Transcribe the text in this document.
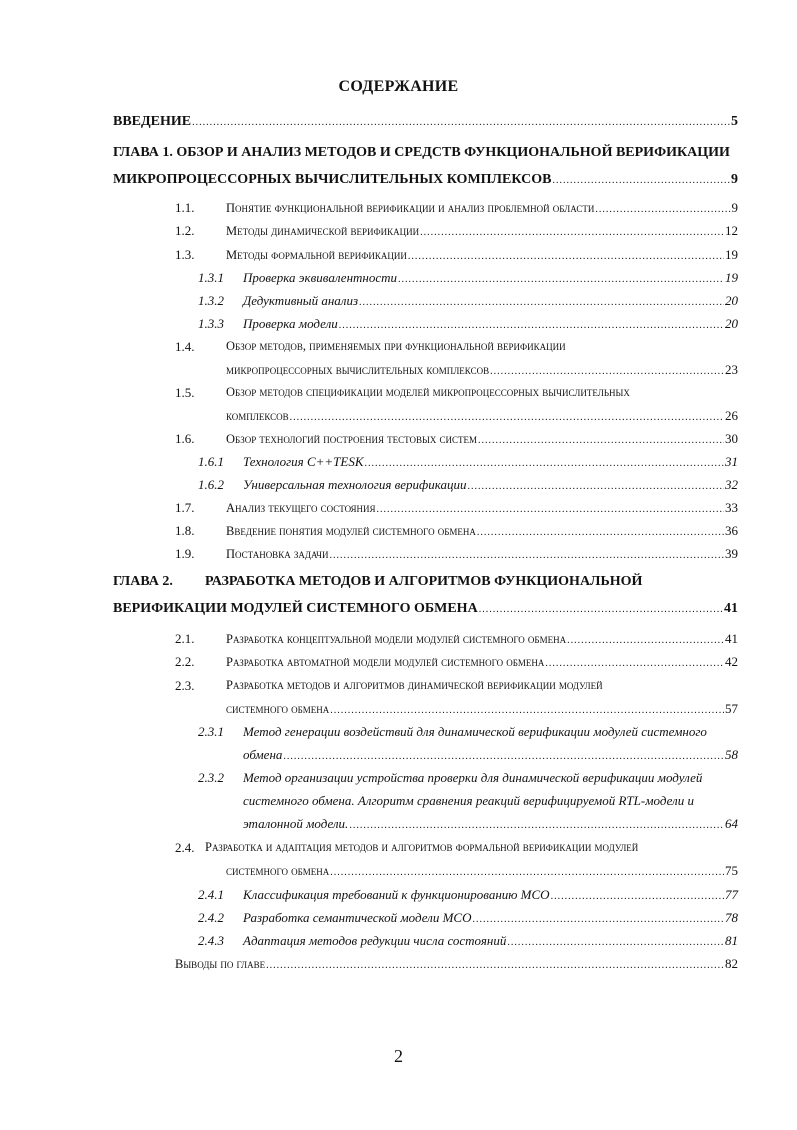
СОДЕРЖАНИЕ
ВВЕДЕНИЕ .....	5
ГЛАВА 1. ОБЗОР И АНАЛИЗ МЕТОДОВ И СРЕДСТВ ФУНКЦИОНАЛЬНОЙ ВЕРИФИКАЦИИ
МИКРОПРОЦЕССОРНЫХ ВЫЧИСЛИТЕЛЬНЫХ КОМПЛЕКСОВ .....	9
1.1.	Понятие функциональной верификации и анализ проблемной области .....	9
1.2.	Методы динамической верификации .....	12
1.3.	Методы формальной верификации .....	19
1.3.1 Проверка эквивалентности .....	19
1.3.2 Дедуктивный анализ .....	20
1.3.3 Проверка модели .....	20
1.4.	Обзор методов, применяемых при функциональной верификации
микропроцессорных вычислительных комплексов .....	23
1.5.	Обзор методов спецификации моделей микропроцессорных вычислительных
комплексов .....	26
1.6.	Обзор технологий построения тестовых систем .....	30
1.6.1 Технология C++TESK .....	31
1.6.2 Универсальная технология верификации .....	32
1.7.	Анализ текущего состояния .....	33
1.8.	Введение понятия модулей системного обмена .....	36
1.9.	Постановка задачи .....	39
ГЛАВА 2. РАЗРАБОТКА МЕТОДОВ И АЛГОРИТМОВ ФУНКЦИОНАЛЬНОЙ
ВЕРИФИКАЦИИ МОДУЛЕЙ СИСТЕМНОГО ОБМЕНА .....	41
2.1.	Разработка концептуальной модели модулей системного обмена .....	41
2.2.	Разработка автоматной модели модулей системного обмена .....	42
2.3.	Разработка методов и алгоритмов динамической верификации модулей
системного обмена .....	57
2.3.1 Метод генерации воздействий для динамической верификации модулей системного
обмена .....	58
2.3.2 Метод организации устройства проверки для динамической верификации модулей
системного обмена. Алгоритм сравнения реакций верифицируемой RTL-модели и
эталонной модели. .....	64
2.4. Разработка и адаптация методов и алгоритмов формальной верификации модулей
системного обмена .....	75
2.4.1 Классификация требований к функционированию МСО .....	77
2.4.2 Разработка семантической модели МСО .....	78
2.4.3 Адаптация методов редукции числа состояний .....	81
Выводы по главе .....	82
2
